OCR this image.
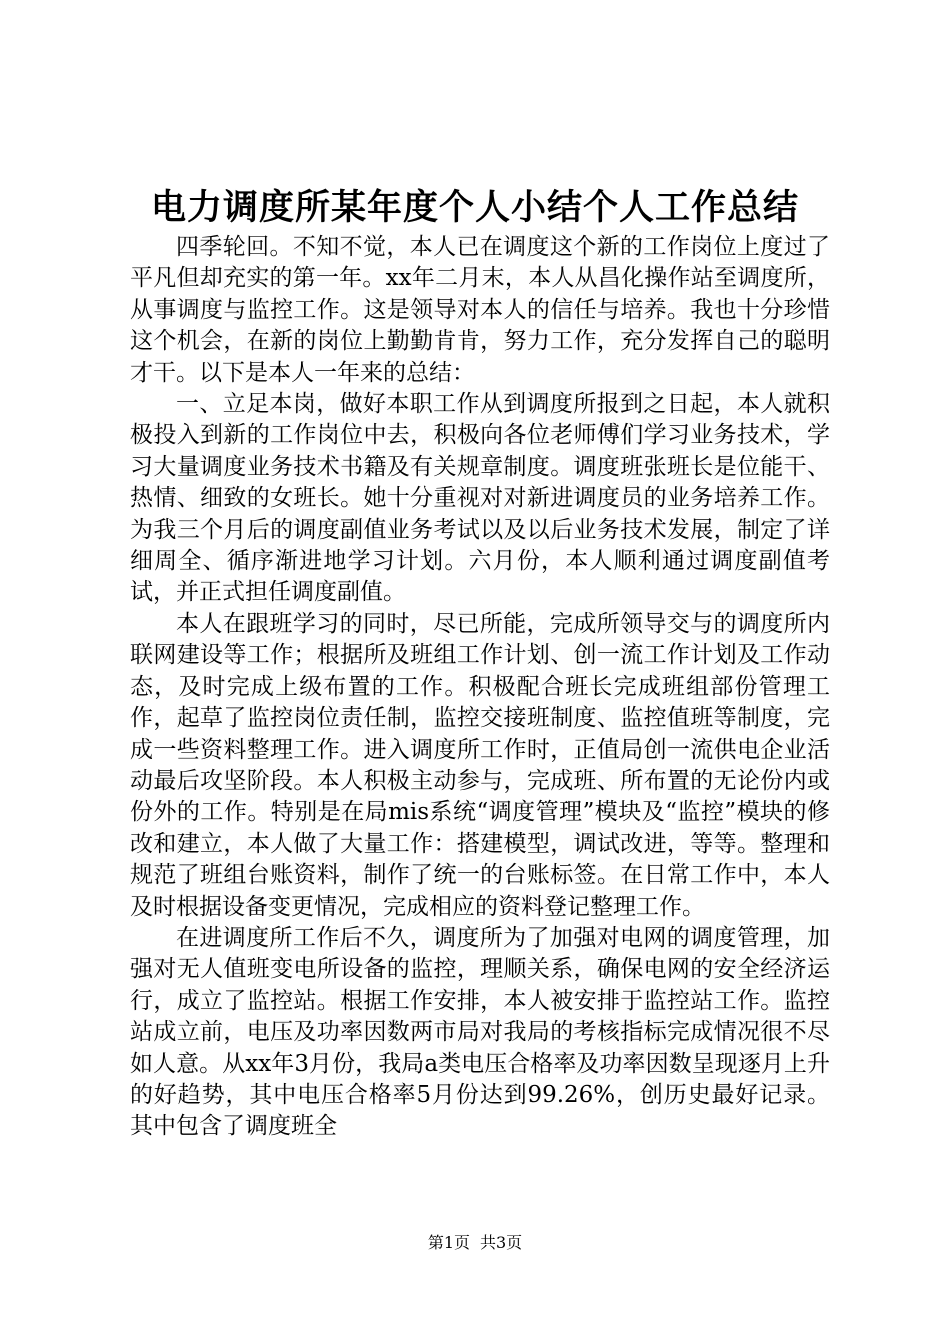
电力调度所某年度个人小结个人工作总结

四季轮回。不知不觉，本人已在调度这个新的工作岗位上度过了平凡但却充实的第一年。xx年二月末，本人从昌化操作站至调度所，从事调度与监控工作。这是领导对本人的信任与培养。我也十分珍惜这个机会，在新的岗位上勤勤肯肯，努力工作，充分发挥自己的聪明才干。以下是本人一年来的总结：

一、立足本岗，做好本职工作从到调度所报到之日起，本人就积极投入到新的工作岗位中去，积极向各位老师傅们学习业务技术，学习大量调度业务技术书籍及有关规章制度。调度班张班长是位能干、热情、细致的女班长。她十分重视对对新进调度员的业务培养工作。为我三个月后的调度副值业务考试以及以后业务技术发展，制定了详细周全、循序渐进地学习计划。六月份，本人顺利通过调度副值考试，并正式担任调度副值。

本人在跟班学习的同时，尽已所能，完成所领导交与的调度所内联网建设等工作；根据所及班组工作计划、创一流工作计划及工作动态，及时完成上级布置的工作。积极配合班长完成班组部份管理工作，起草了监控岗位责任制，监控交接班制度、监控值班等制度，完成一些资料整理工作。进入调度所工作时，正值局创一流供电企业活动最后攻坚阶段。本人积极主动参与，完成班、所布置的无论份内或份外的工作。特别是在局mis系统“调度管理”模块及“监控”模块的修改和建立，本人做了大量工作：搭建模型，调试改进，等等。整理和规范了班组台账资料，制作了统一的台账标签。在日常工作中，本人及时根据设备变更情况，完成相应的资料登记整理工作。

在进调度所工作后不久，调度所为了加强对电网的调度管理，加强对无人值班变电所设备的监控，理顺关系，确保电网的安全经济运行，成立了监控站。根据工作安排，本人被安排于监控站工作。监控站成立前，电压及功率因数两市局对我局的考核指标完成情况很不尽如人意。从xx年3月份，我局a类电压合格率及功率因数呈现逐月上升的好趋势，其中电压合格率5月份达到99.26%，创历史最好记录。其中包含了调度班全

第1页 共3页
